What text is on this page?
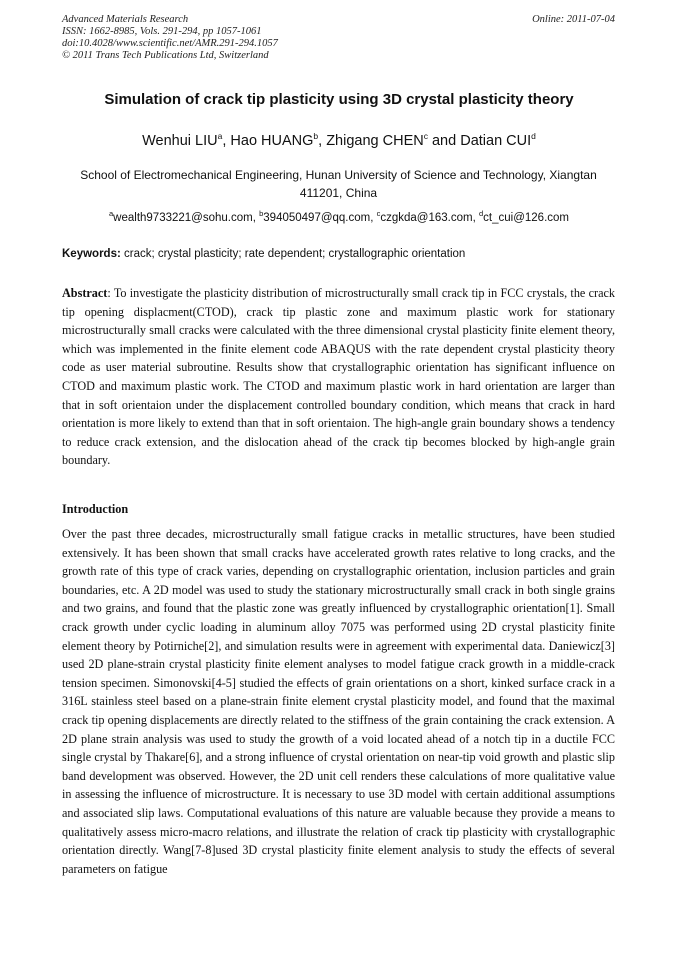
Advanced Materials Research
ISSN: 1662-8985, Vols. 291-294, pp 1057-1061
doi:10.4028/www.scientific.net/AMR.291-294.1057
© 2011 Trans Tech Publications Ltd, Switzerland
Online: 2011-07-04
Simulation of crack tip plasticity using 3D crystal plasticity theory
Wenhui LIU$^a$, Hao HUANG$^b$, Zhigang CHEN$^c$ and Datian CUI$^d$
School of Electromechanical Engineering, Hunan University of Science and Technology, Xiangtan 411201, China
$^a$wealth9733221@sohu.com, $^b$394050497@qq.com, $^c$czgkda@163.com, $^d$ct_cui@126.com
Keywords: crack; crystal plasticity; rate dependent; crystallographic orientation

Abstract: To investigate the plasticity distribution of microstructurally small crack tip in FCC crystals, the crack tip opening displacment(CTOD), crack tip plastic zone and maximum plastic work for stationary microstructurally small cracks were calculated with the three dimensional crystal plasticity finite element theory, which was implemented in the finite element code ABAQUS with the rate dependent crystal plasticity theory code as user material subroutine. Results show that crystallographic orientation has significant influence on CTOD and maximum plastic work. The CTOD and maximum plastic work in hard orientation are larger than that in soft orientaion under the displacement controlled boundary condition, which means that crack in hard orientation is more likely to extend than that in soft orientaion. The high-angle grain boundary shows a tendency to reduce crack extension, and the dislocation ahead of the crack tip becomes blocked by high-angle grain boundary.

Introduction

Over the past three decades, microstructurally small fatigue cracks in metallic structures, have been studied extensively. It has been shown that small cracks have accelerated growth rates relative to long cracks, and the growth rate of this type of crack varies, depending on crystallographic orientation, inclusion particles and grain boundaries, etc. A 2D model was used to study the stationary microstructurally small crack in both single grains and two grains, and found that the plastic zone was greatly influenced by crystallographic orientation[1]. Small crack growth under cyclic loading in aluminum alloy 7075 was performed using 2D crystal plasticity finite element theory by Potirniche[2], and simulation results were in agreement with experimental data. Daniewicz[3] used 2D plane-strain crystal plasticity finite element analyses to model fatigue crack growth in a middle-crack tension specimen. Simonovski[4-5] studied the effects of grain orientations on a short, kinked surface crack in a 316L stainless steel based on a plane-strain finite element crystal plasticity model, and found that the maximal crack tip opening displacements are directly related to the stiffness of the grain containing the crack extension. A 2D plane strain analysis was used to study the growth of a void located ahead of a notch tip in a ductile FCC single crystal by Thakare[6], and a strong influence of crystal orientation on near-tip void growth and plastic slip band development was observed. However, the 2D unit cell renders these calculations of more qualitative value in assessing the influence of microstructure. It is necessary to use 3D model with certain additional assumptions and associated slip laws. Computational evaluations of this nature are valuable because they provide a means to qualitatively assess micro-macro relations, and illustrate the relation of crack tip plasticity with crystallographic orientation directly. Wang[7-8]used 3D crystal plasticity finite element analysis to study the effects of several parameters on fatigue
